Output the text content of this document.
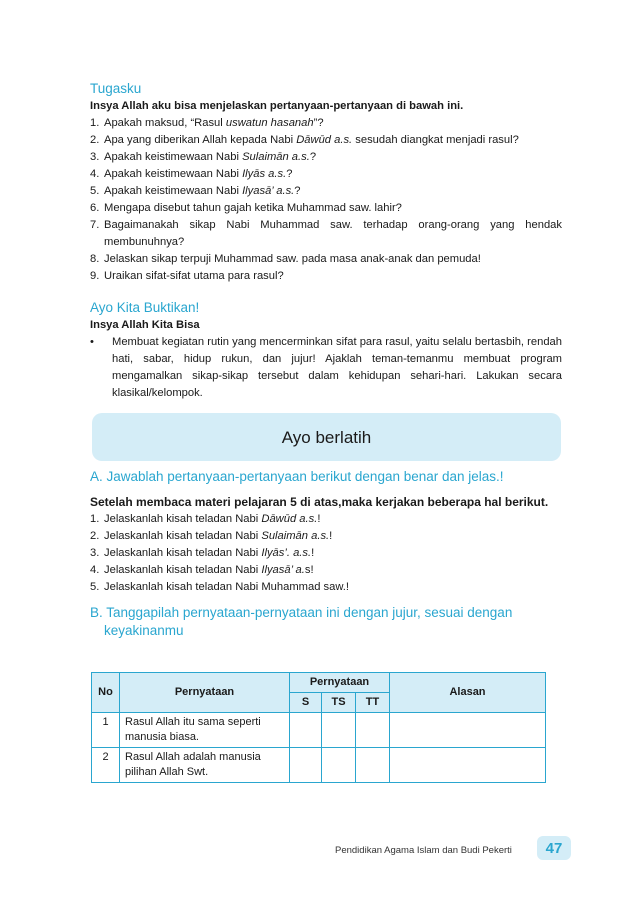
Tugasku
Insya Allah aku bisa menjelaskan pertanyaan-pertanyaan di bawah ini.
1. Apakah maksud, “Rasul uswatun hasanah”?
2. Apa yang diberikan Allah kepada Nabi Dāwūd a.s. sesudah diangkat menjadi rasul?
3. Apakah keistimewaan Nabi Sulaimān a.s.?
4. Apakah keistimewaan Nabi Ilyās a.s.?
5. Apakah keistimewaan Nabi Ilyasā’ a.s.?
6. Mengapa disebut tahun gajah ketika Muhammad saw. lahir?
7. Bagaimanakah sikap Nabi Muhammad saw. terhadap orang-orang yang hendak membunuhnya?
8. Jelaskan sikap terpuji Muhammad saw. pada masa anak-anak dan pemuda!
9. Uraikan sifat-sifat utama para rasul?
Ayo Kita Buktikan!
Insya Allah Kita Bisa
• Membuat kegiatan rutin yang mencerminkan sifat para rasul, yaitu selalu bertasbih, rendah hati, sabar, hidup rukun, dan jujur! Ajaklah teman-temanmu membuat program mengamalkan sikap-sikap tersebut dalam kehidupan sehari-hari. Lakukan secara klasikal/kelompok.
Ayo berlatih
A. Jawablah pertanyaan-pertanyaan berikut dengan benar dan jelas.!
Setelah membaca materi pelajaran 5 di atas,maka kerjakan beberapa hal berikut.
1. Jelaskanlah kisah teladan Nabi Dāwūd a.s.!
2. Jelaskanlah kisah teladan Nabi Sulaimān a.s.!
3. Jelaskanlah kisah teladan Nabi Ilyās’. a.s.!
4. Jelaskanlah kisah teladan Nabi Ilyasā’ a.s!
5. Jelaskanlah kisah teladan Nabi Muhammad saw.!
B. Tanggapilah pernyataan-pernyataan ini dengan jujur, sesuai dengan keyakinanmu
No	Pernyataan	Pernyataan			Alasan
		S	TS	TT	
1	Rasul Allah itu sama seperti manusia biasa.				
2	Rasul Allah adalah manusia pilihan Allah Swt.				
Pendidikan Agama Islam dan Budi Pekerti	47
